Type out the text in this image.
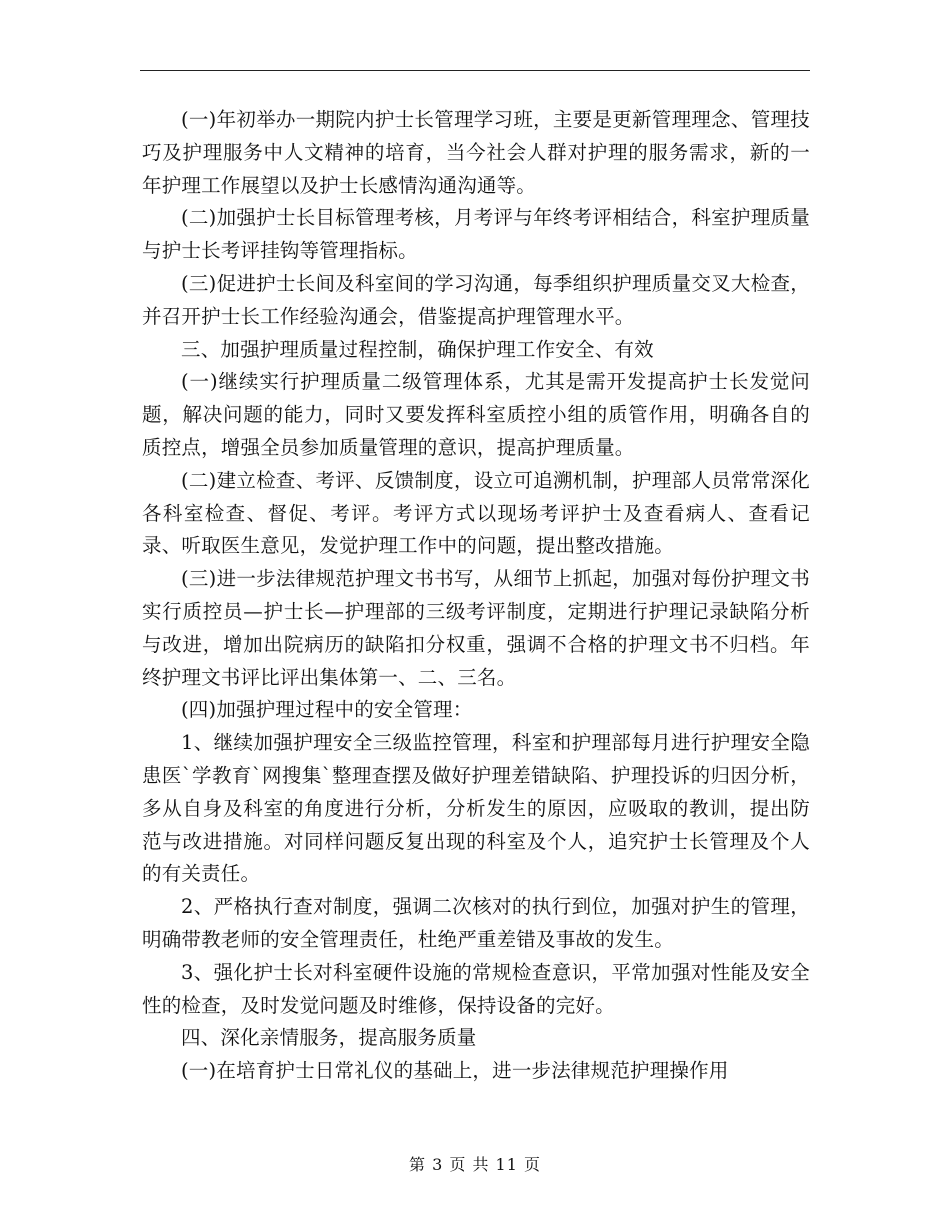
(一)年初举办一期院内护士长管理学习班，主要是更新管理理念、管理技巧及护理服务中人文精神的培育，当今社会人群对护理的服务需求，新的一年护理工作展望以及护士长感情沟通沟通等。

(二)加强护士长目标管理考核，月考评与年终考评相结合，科室护理质量与护士长考评挂钩等管理指标。

(三)促进护士长间及科室间的学习沟通，每季组织护理质量交叉大检查，并召开护士长工作经验沟通会，借鉴提高护理管理水平。

三、加强护理质量过程控制，确保护理工作安全、有效

(一)继续实行护理质量二级管理体系，尤其是需开发提高护士长发觉问题，解决问题的能力，同时又要发挥科室质控小组的质管作用，明确各自的质控点，增强全员参加质量管理的意识，提高护理质量。

(二)建立检查、考评、反馈制度，设立可追溯机制，护理部人员常常深化各科室检查、督促、考评。考评方式以现场考评护士及查看病人、查看记录、听取医生意见，发觉护理工作中的问题，提出整改措施。

(三)进一步法律规范护理文书书写，从细节上抓起，加强对每份护理文书实行质控员—护士长—护理部的三级考评制度，定期进行护理记录缺陷分析与改进，增加出院病历的缺陷扣分权重，强调不合格的护理文书不归档。年终护理文书评比评出集体第一、二、三名。

(四)加强护理过程中的安全管理：

1、继续加强护理安全三级监控管理，科室和护理部每月进行护理安全隐患医`学教育`网搜集`整理查摆及做好护理差错缺陷、护理投诉的归因分析，多从自身及科室的角度进行分析，分析发生的原因，应吸取的教训，提出防范与改进措施。对同样问题反复出现的科室及个人，追究护士长管理及个人的有关责任。

2、严格执行查对制度，强调二次核对的执行到位，加强对护生的管理，明确带教老师的安全管理责任，杜绝严重差错及事故的发生。

3、强化护士长对科室硬件设施的常规检查意识，平常加强对性能及安全性的检查，及时发觉问题及时维修，保持设备的完好。

四、深化亲情服务，提高服务质量

(一)在培育护士日常礼仪的基础上，进一步法律规范护理操作用

第 3 页 共 11 页
